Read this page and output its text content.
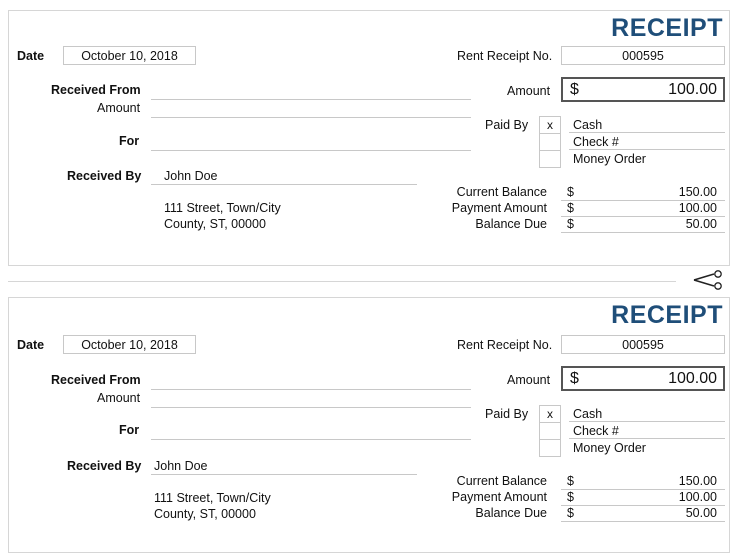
RECEIPT
Date	October 10, 2018	Rent Receipt No.	000595
Received From
Amount
For
Received By John Doe
111 Street, Town/City
County, ST, 00000
Amount $	100.00
Paid By	x	Cash
Check #
Money Order
Current Balance $	150.00
Payment Amount $	100.00
Balance Due $	50.00
RECEIPT
Date	October 10, 2018	Rent Receipt No.	000595
Received From
Amount
For
Received By John Doe
111 Street, Town/City
County, ST, 00000
Amount $	100.00
Paid By	x	Cash
Check #
Money Order
Current Balance $	150.00
Payment Amount $	100.00
Balance Due $	50.00
